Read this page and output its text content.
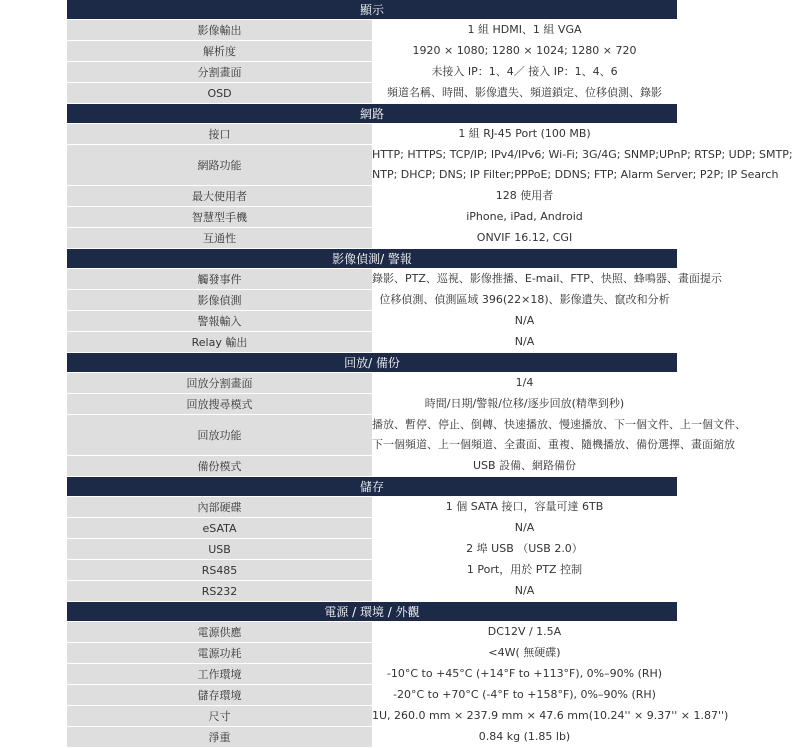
顯示	
影像輸出	1 組 HDMI、1 組 VGA

解析度	1920 × 1080; 1280 × 1024; 1280 × 720

分割畫面	未接入 IP：1、4／ 接入 IP：1、4、6

OSD	頻道名稱、時間、影像遺失、頻道鎖定、位移偵測、錄影

網路	
接口	1 組 RJ-45 Port (100 MB)

網路功能	HTTP; HTTPS; TCP/IP; IPv4/IPv6; Wi-Fi; 3G/4G; SNMP;UPnP; RTSP; UDP; SMTP;
NTP; DHCP; DNS; IP Filter;PPPoE; DDNS; FTP; Alarm Server; P2P; IP Search

最大使用者	128 使用者

智慧型手機	iPhone, iPad, Android

互通性	ONVIF 16.12, CGI

影像偵測/ 警報	
觸發事件	錄影、PTZ、巡視、影像推播、E-mail、FTP、快照、蜂鳴器、畫面提示

影像偵測	位移偵測、偵測區域 396(22×18)、影像遺失、竄改和分析

警報輸入	N/A

Relay 輸出	N/A

回放/ 備份	
回放分割畫面	1/4

回放搜尋模式	時間/日期/警報/位移/逐步回放(精準到秒)

回放功能	播放、暫停、停止、倒轉、快速播放、慢速播放、下一個文件、上一個文件、
下一個頻道、上一個頻道、全畫面、重複、隨機播放、備份選擇、畫面縮放

備份模式	USB 設備、網路備份

儲存	
內部硬碟	1 個 SATA 接口，容量可達 6TB

eSATA	N/A

USB	2 埠 USB （USB 2.0）

RS485	1 Port，用於 PTZ 控制

RS232	N/A

電源 / 環境 / 外觀	
電源供應	DC12V / 1.5A

電源功耗	<4W( 無硬碟)

工作環境	-10°C to +45°C (+14°F to +113°F), 0%–90% (RH)

儲存環境	-20°C to +70°C (-4°F to +158°F), 0%–90% (RH)

尺寸	1U, 260.0 mm × 237.9 mm × 47.6 mm(10.24'' × 9.37'' × 1.87'')

淨重	0.84 kg (1.85 lb)
